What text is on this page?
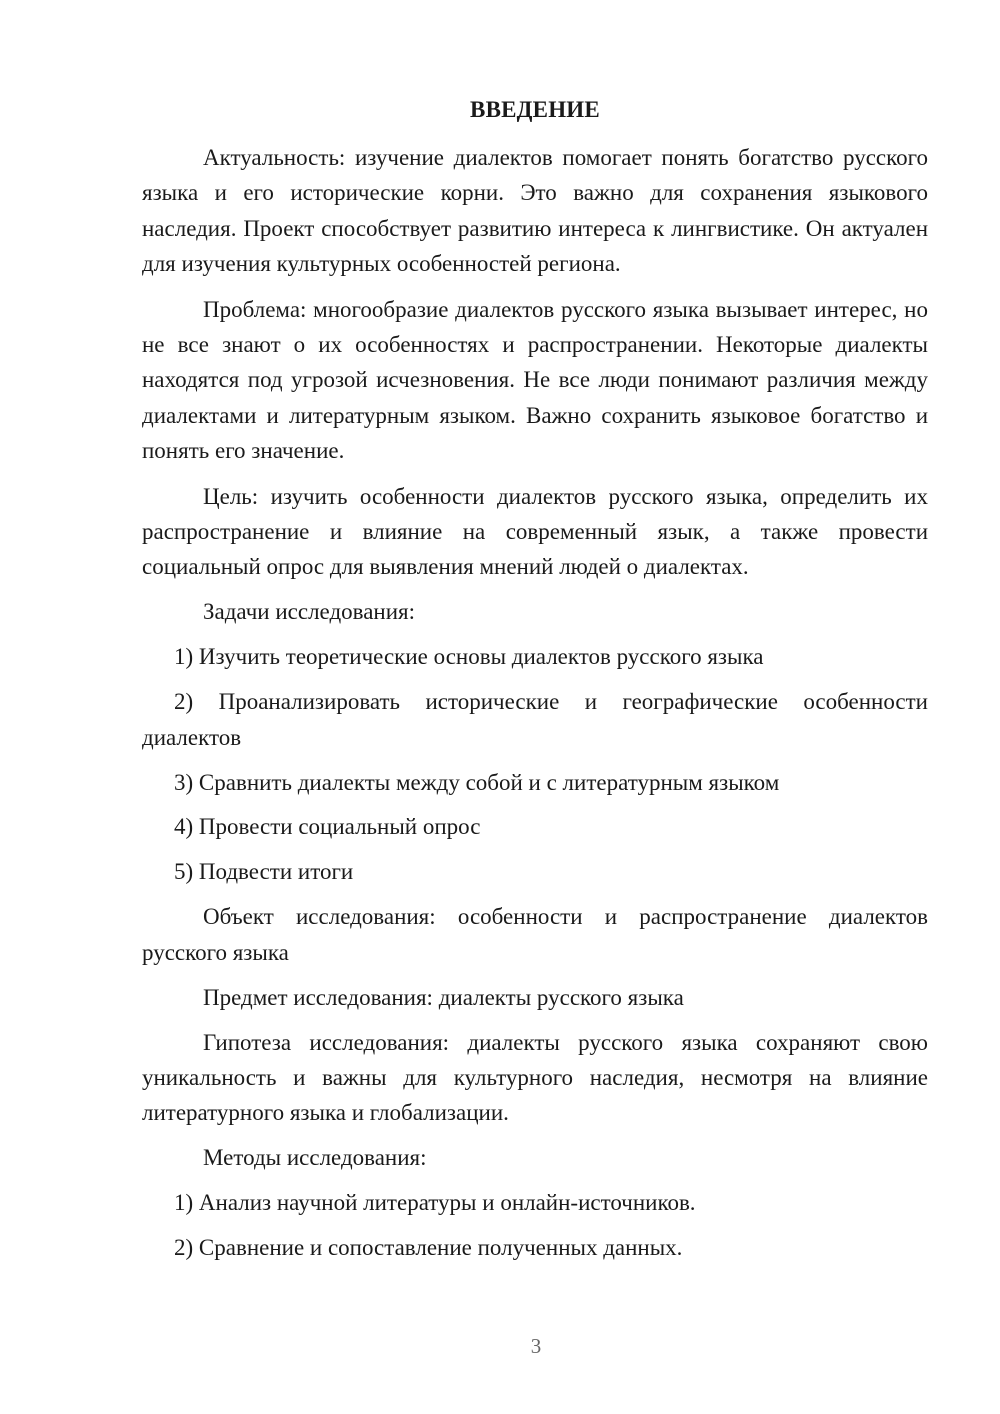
ВВЕДЕНИЕ

Актуальность: изучение диалектов помогает понять богатство русского языка и его исторические корни. Это важно для сохранения языкового наследия. Проект способствует развитию интереса к лингвистике. Он актуален для изучения культурных особенностей региона.

Проблема: многообразие диалектов русского языка вызывает интерес, но не все знают о их особенностях и распространении. Некоторые диалекты находятся под угрозой исчезновения. Не все люди понимают различия между диалектами и литературным языком. Важно сохранить языковое богатство и понять его значение.

Цель: изучить особенности диалектов русского языка, определить их распространение и влияние на современный язык, а также провести социальный опрос для выявления мнений людей о диалектах.

Задачи исследования:

1) Изучить теоретические основы диалектов русского языка

2) Проанализировать исторические и географические особенности диалектов

3) Сравнить диалекты между собой и с литературным языком

4) Провести социальный опрос

5) Подвести итоги

Объект исследования: особенности и распространение диалектов русского языка

Предмет исследования: диалекты русского языка

Гипотеза исследования: диалекты русского языка сохраняют свою уникальность и важны для культурного наследия, несмотря на влияние литературного языка и глобализации.

Методы исследования:

1) Анализ научной литературы и онлайн-источников.

2) Сравнение и сопоставление полученных данных.

3
